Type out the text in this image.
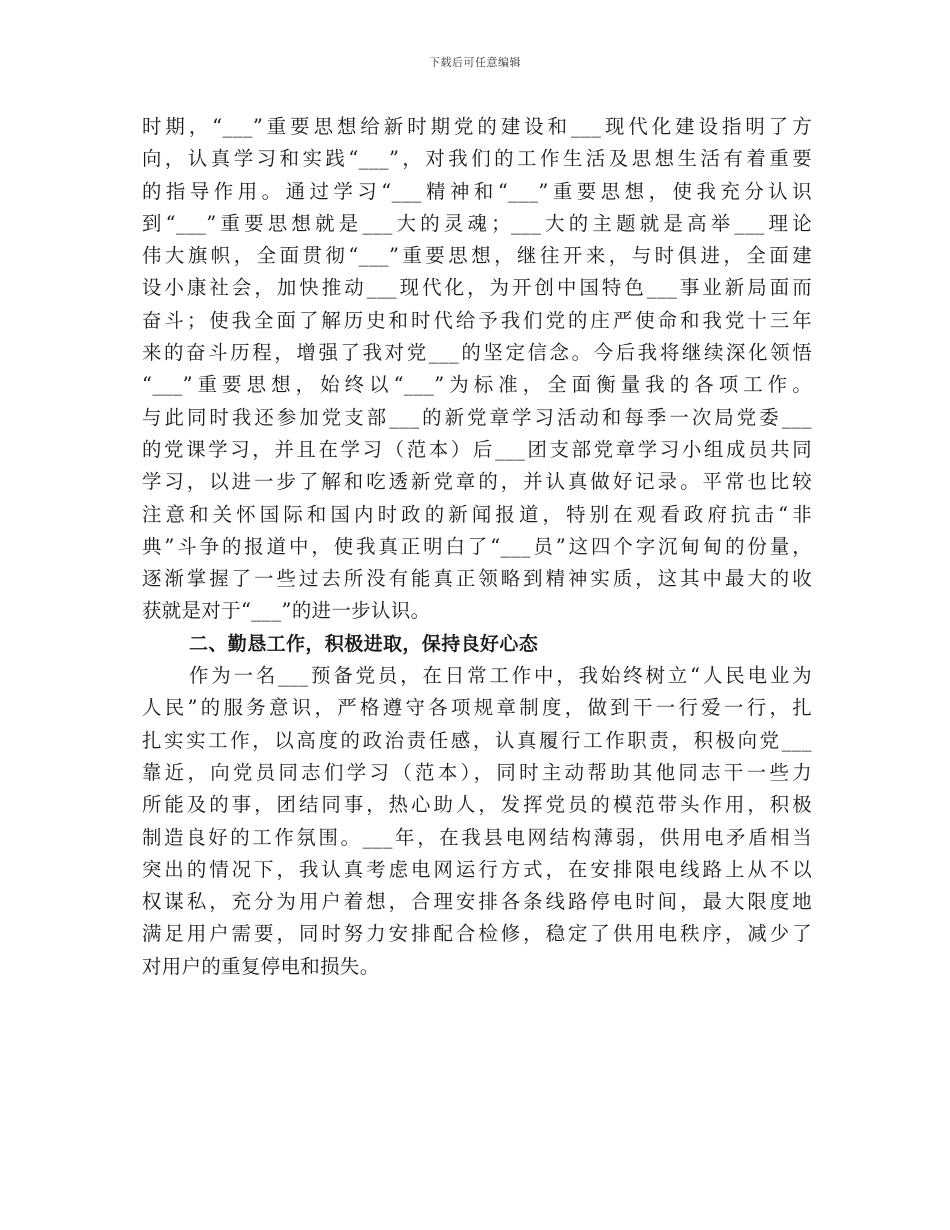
下载后可任意编辑
时期，“___”重要思想给新时期党的建设和___现代化建设指明了方
向，认真学习和实践“___”，对我们的工作生活及思想生活有着重要
的指导作用。通过学习“___精神和“___”重要思想，使我充分认识
到“___”重要思想就是___大的灵魂；___大的主题就是高举___理论
伟大旗帜，全面贯彻“___”重要思想，继往开来，与时俱进，全面建
设小康社会，加快推动___现代化，为开创中国特色___事业新局面而
奋斗；使我全面了解历史和时代给予我们党的庄严使命和我党十三年
来的奋斗历程，增强了我对党___的坚定信念。今后我将继续深化领悟
“___”重要思想，始终以“___”为标准，全面衡量我的各项工作。
与此同时我还参加党支部___的新党章学习活动和每季一次局党委___
的党课学习，并且在学习（范本）后___团支部党章学习小组成员共同
学习，以进一步了解和吃透新党章的，并认真做好记录。平常也比较
注意和关怀国际和国内时政的新闻报道，特别在观看政府抗击“非
典”斗争的报道中，使我真正明白了“___员”这四个字沉甸甸的份量，
逐渐掌握了一些过去所没有能真正领略到精神实质，这其中最大的收
获就是对于“___”的进一步认识。
二、勤恳工作，积极进取，保持良好心态
作为一名___预备党员，在日常工作中，我始终树立“人民电业为
人民”的服务意识，严格遵守各项规章制度，做到干一行爱一行，扎
扎实实工作，以高度的政治责任感，认真履行工作职责，积极向党___
靠近，向党员同志们学习（范本），同时主动帮助其他同志干一些力
所能及的事，团结同事，热心助人，发挥党员的模范带头作用，积极
制造良好的工作氛围。___年，在我县电网结构薄弱，供用电矛盾相当
突出的情况下，我认真考虑电网运行方式，在安排限电线路上从不以
权谋私，充分为用户着想，合理安排各条线路停电时间，最大限度地
满足用户需要，同时努力安排配合检修，稳定了供用电秩序，减少了
对用户的重复停电和损失。
